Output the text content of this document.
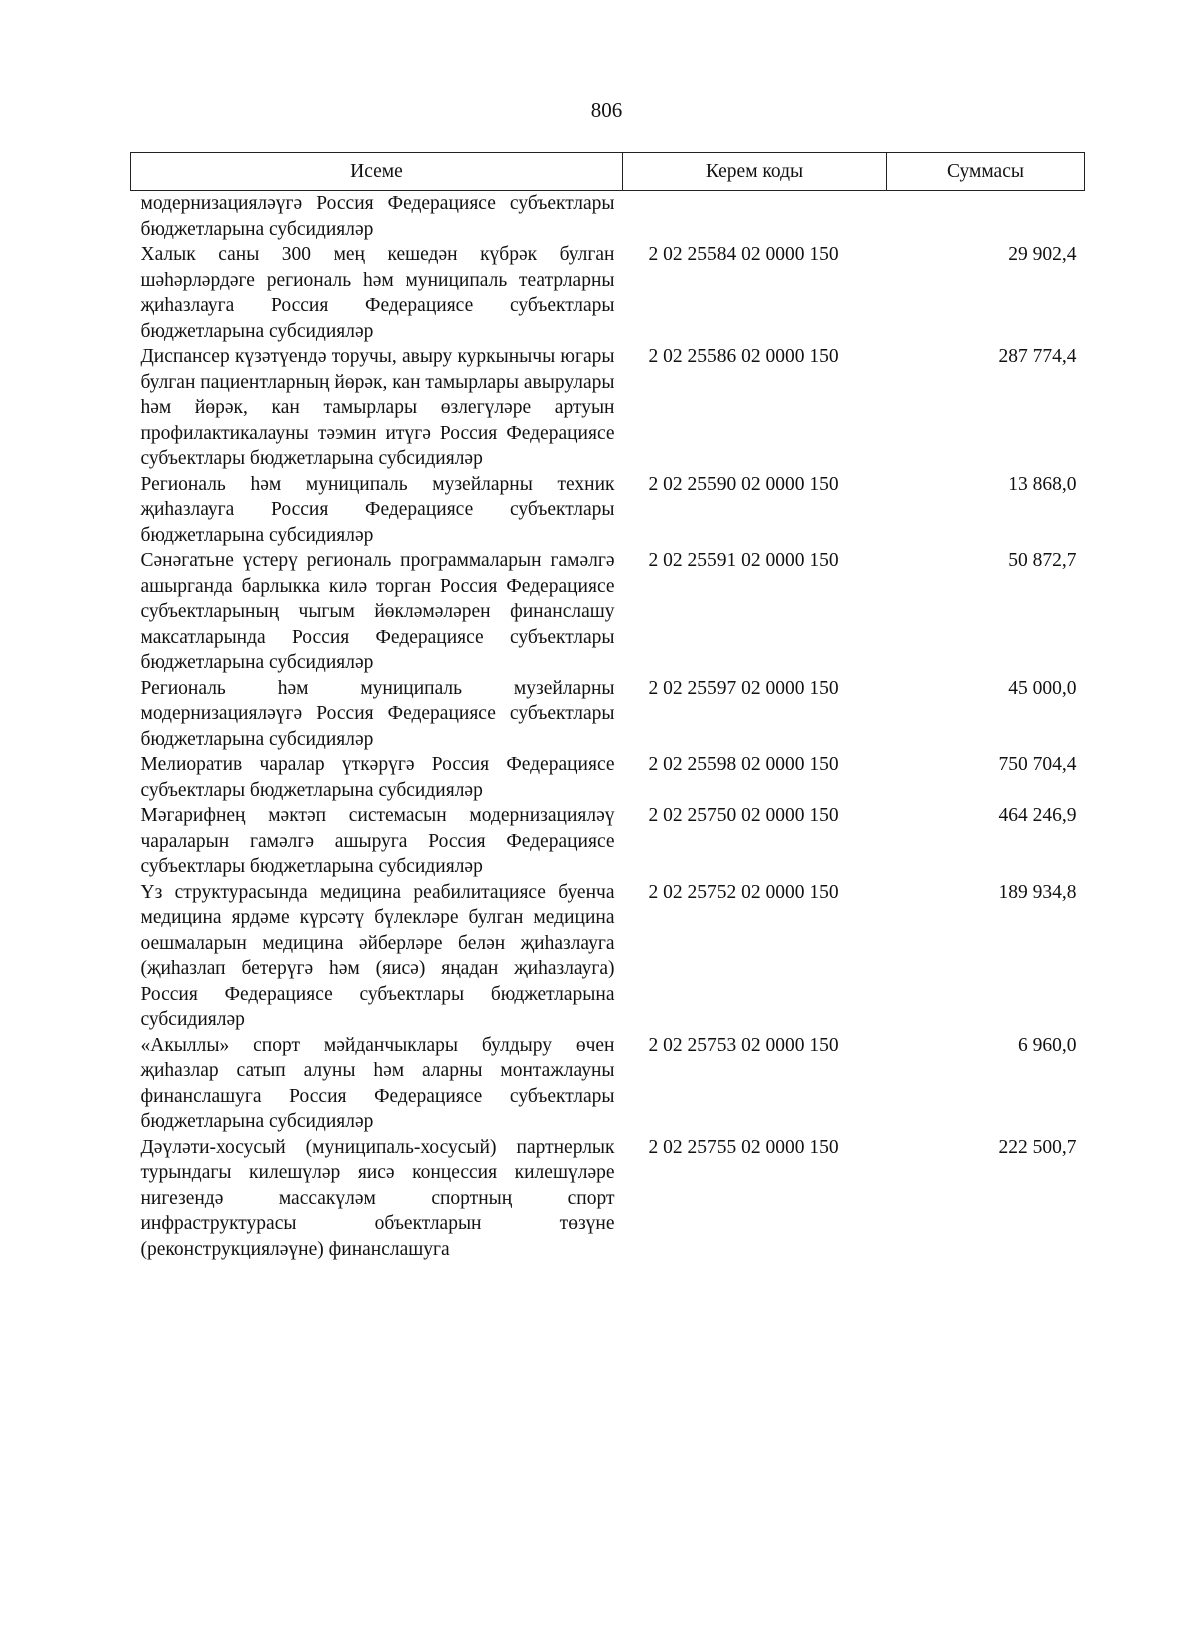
806
Исеме	Керем коды	Суммасы
модернизацияләүгә Россия Федерациясе субъектлары бюджетларына субсидияләр		
Халык саны 300 мең кешедән күбрәк булган шәһәрләрдәге региональ һәм муниципаль театрларны җиһазлауга Россия Федерациясе субъектлары бюджетларына субсидияләр	2 02 25584 02 0000 150	29 902,4
Диспансер күзәтүендә торучы, авыру куркынычы югары булган пациентларның йөрәк, кан тамырлары авырулары һәм йөрәк, кан тамырлары өзлегүләре артуын профилактикалауны тәэмин итүгә Россия Федерациясе субъектлары бюджетларына субсидияләр	2 02 25586 02 0000 150	287 774,4
Региональ һәм муниципаль музейларны техник җиһазлауга Россия Федерациясе субъектлары бюджетларына субсидияләр	2 02 25590 02 0000 150	13 868,0
Сәнәгатьне үстерү региональ программаларын гамәлгә ашырганда барлыкка килә торган Россия Федерациясе субъектларының чыгым йөкләмәләрен финанслашу максатларында Россия Федерациясе субъектлары бюджетларына субсидияләр	2 02 25591 02 0000 150	50 872,7
Региональ һәм муниципаль музейларны модернизацияләүгә Россия Федерациясе субъектлары бюджетларына субсидияләр	2 02 25597 02 0000 150	45 000,0
Мелиоратив чаралар үткәрүгә Россия Федерациясе субъектлары бюджетларына субсидияләр	2 02 25598 02 0000 150	750 704,4
Мәгарифнең мәктәп системасын модернизацияләү чараларын гамәлгә ашыруга Россия Федерациясе субъектлары бюджетларына субсидияләр	2 02 25750 02 0000 150	464 246,9
Үз структурасында медицина реабилитациясе буенча медицина ярдәме күрсәтү бүлекләре булган медицина оешмаларын медицина әйберләре белән җиһазлауга (җиһазлап бетерүгә һәм (яисә) яңадан җиһазлауга) Россия Федерациясе субъектлары бюджетларына субсидияләр	2 02 25752 02 0000 150	189 934,8
«Акыллы» спорт мәйданчыклары булдыру өчен җиһазлар сатып алуны һәм аларны монтажлауны финанслашуга Россия Федерациясе субъектлары бюджетларына субсидияләр	2 02 25753 02 0000 150	6 960,0
Дәүләти-хосусый (муниципаль-хосусый) партнерлык турындагы килешүләр яисә концессия килешүләре нигезендә массакүләм спортның спорт инфраструктурасы объектларын төзүне (реконструкцияләүне) финанслашуга	2 02 25755 02 0000 150	222 500,7
